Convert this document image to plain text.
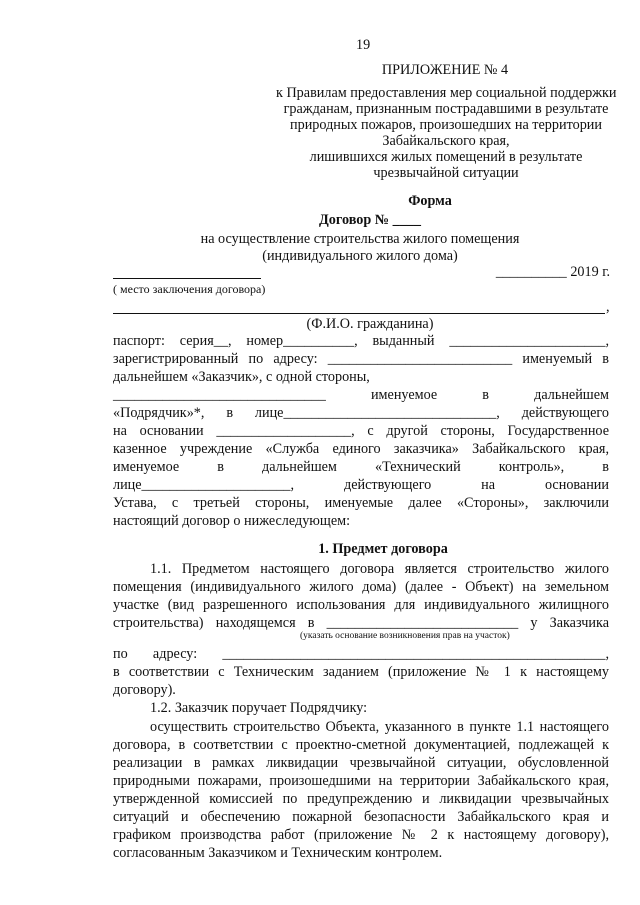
19
ПРИЛОЖЕНИЕ № 4
к Правилам предоставления мер социальной поддержки
гражданам, признанным пострадавшими в результате
природных пожаров, произошедших на территории
Забайкальского края,
лишившихся жилых помещений в результате
чрезвычайной ситуации
Форма
Договор № ____
на осуществление строительства жилого помещения
(индивидуального жилого дома)
__________ 2019 г.
( место заключения договора)
,
(Ф.И.О. гражданина)
паспорт: серия__, номер__________, выданный ______________________,
зарегистрированный по адресу: __________________________ именуемый в
дальнейшем «Заказчик», с одной стороны,
______________________________ именуемое в дальнейшем
«Подрядчик»*, в лице______________________________, действующего
на основании ___________________, с другой стороны, Государственное
казенное учреждение «Служба единого заказчика» Забайкальского края,
именуемое в дальнейшем «Технический контроль», в
лице_____________________, действующего на основании
Устава, с третьей стороны, именуемые далее «Стороны», заключили
настоящий договор о нижеследующем:
1. Предмет договора
1.1. Предметом настоящего договора является строительство жилого
помещения (индивидуального жилого дома) (далее - Объект) на земельном
участке (вид разрешенного использования для индивидуального жилищного
строительства) находящемся в ___________________________ у Заказчика
(указать основание возникновения прав на участок)
по адресу: ______________________________________________________,
в соответствии с Техническим заданием (приложение № 1 к настоящему
договору).
1.2. Заказчик поручает Подрядчику:
осуществить строительство Объекта, указанного в пункте 1.1 настоящего
договора, в соответствии с проектно-сметной документацией, подлежащей к
реализации в рамках ликвидации чрезвычайной ситуации, обусловленной
природными пожарами, произошедшими на территории Забайкальского края,
утвержденной комиссией по предупреждению и ликвидации чрезвычайных
ситуаций и обеспечению пожарной безопасности Забайкальского края и
графиком производства работ (приложение № 2 к настоящему договору),
согласованным Заказчиком и Техническим контролем.
